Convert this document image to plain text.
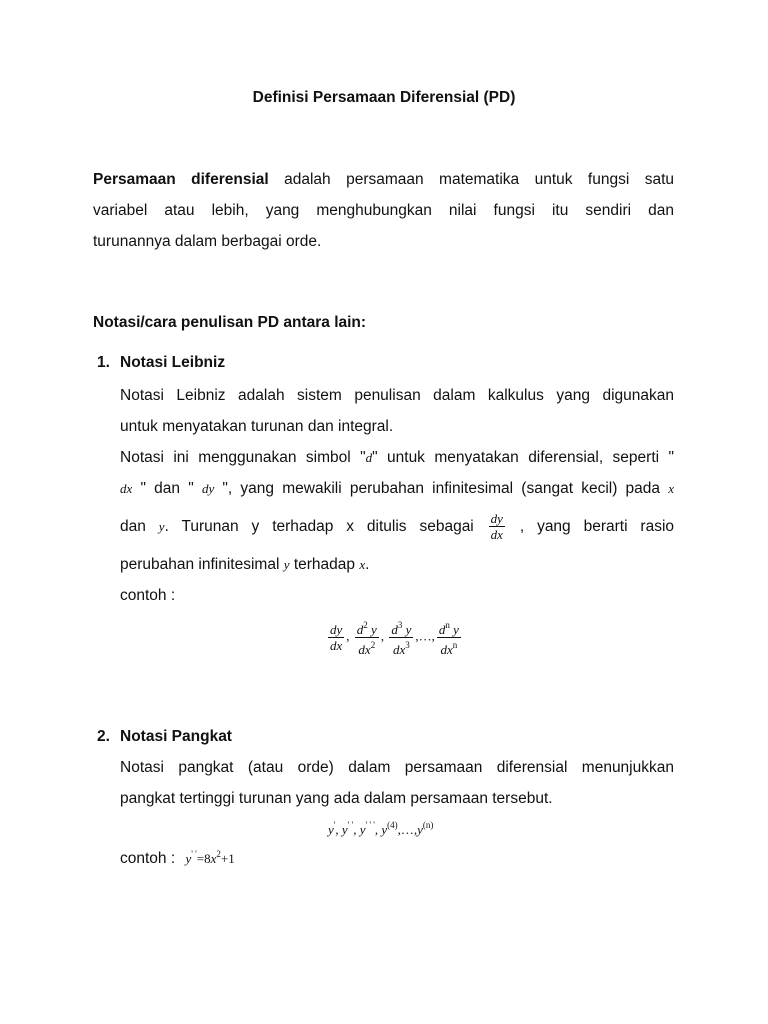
Definisi Persamaan Diferensial (PD)
Persamaan diferensial adalah persamaan matematika untuk fungsi satu
variabel atau lebih, yang menghubungkan nilai fungsi itu sendiri dan
turunannya dalam berbagai orde.
Notasi/cara penulisan PD antara lain:
1. Notasi Leibniz
Notasi Leibniz adalah sistem penulisan dalam kalkulus yang digunakan
untuk menyatakan turunan dan integral.
Notasi ini menggunakan simbol "d" untuk menyatakan diferensial, seperti "
dx " dan " dy ", yang mewakili perubahan infinitesimal (sangat kecil) pada x
dan y. Turunan y terhadap x ditulis sebagai $\frac{dy}{dx}$ , yang berarti rasio
perubahan infinitesimal y terhadap x.
contoh :
$\frac{dy}{dx}$ , $\frac{d^2 y}{dx^2}$ , $\frac{d^3 y}{dx^3}$ ,…, $\frac{d^n y}{dx^n}$
2. Notasi Pangkat
Notasi pangkat (atau orde) dalam persamaan diferensial menunjukkan
pangkat tertinggi turunan yang ada dalam persamaan tersebut.
y', y' ', y' ' ', $y^{(4)},\dots,y^{(n)}$
contoh : $y^{' '}=8x^2+1$
